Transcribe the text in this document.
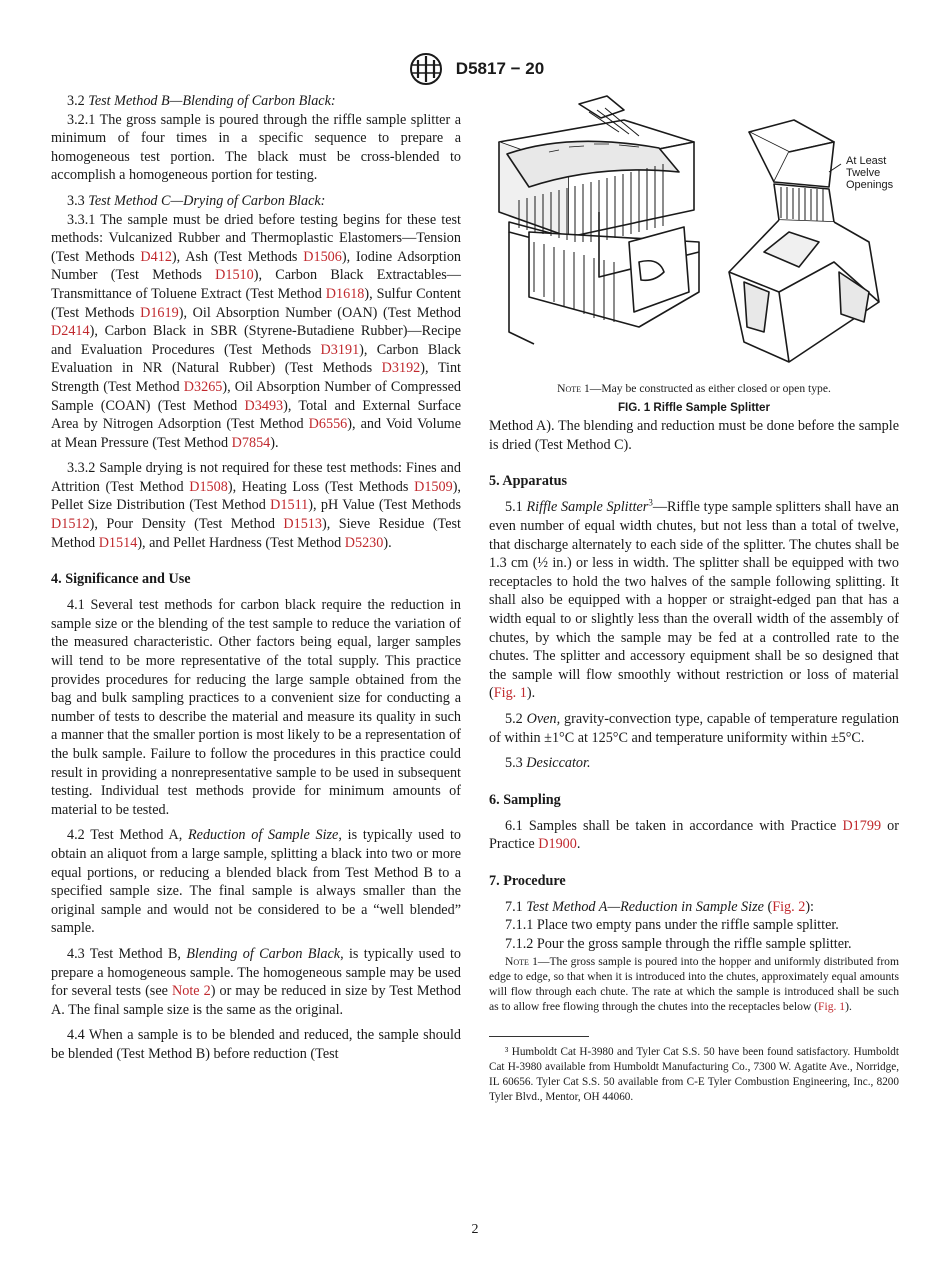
D5817 − 20

3.2 Test Method B—Blending of Carbon Black:

3.2.1 The gross sample is poured through the riffle sample splitter a minimum of four times in a specific sequence to prepare a homogeneous test portion. The black must be cross-blended to accomplish a homogeneous portion for testing.

3.3 Test Method C—Drying of Carbon Black:

3.3.1 The sample must be dried before testing begins for these test methods: Vulcanized Rubber and Thermoplastic Elastomers—Tension (Test Methods D412), Ash (Test Methods D1506), Iodine Adsorption Number (Test Methods D1510), Carbon Black Extractables—Transmittance of Toluene Extract (Test Method D1618), Sulfur Content (Test Methods D1619), Oil Absorption Number (OAN) (Test Method D2414), Carbon Black in SBR (Styrene-Butadiene Rubber)—Recipe and Evaluation Procedures (Test Methods D3191), Carbon Black Evaluation in NR (Natural Rubber) (Test Methods D3192), Tint Strength (Test Method D3265), Oil Absorption Number of Compressed Sample (COAN) (Test Method D3493), Total and External Surface Area by Nitrogen Adsorption (Test Method D6556), and Void Volume at Mean Pressure (Test Method D7854).

3.3.2 Sample drying is not required for these test methods: Fines and Attrition (Test Method D1508), Heating Loss (Test Methods D1509), Pellet Size Distribution (Test Method D1511), pH Value (Test Methods D1512), Pour Density (Test Method D1513), Sieve Residue (Test Method D1514), and Pellet Hardness (Test Method D5230).

4. Significance and Use

4.1 Several test methods for carbon black require the reduction in sample size or the blending of the test sample to reduce the variation of the measured characteristic. Other factors being equal, larger samples will tend to be more representative of the total supply. This practice provides procedures for reducing the large sample obtained from the bag and bulk sampling practices to a convenient size for conducting a number of tests to describe the material and measure its quality in such a manner that the smaller portion is most likely to be a representation of the bulk sample. Failure to follow the procedures in this practice could result in providing a nonrepresentative sample to be used in subsequent testing. Individual test methods provide for minimum amounts of material to be tested.

4.2 Test Method A, Reduction of Sample Size, is typically used to obtain an aliquot from a large sample, splitting a black into two or more equal portions, or reducing a blended black from Test Method B to a specified sample size. The final sample is always smaller than the original sample and would not be considered to be a “well blended” sample.

4.3 Test Method B, Blending of Carbon Black, is typically used to prepare a homogeneous sample. The homogeneous sample may be used for several tests (see Note 2) or may be reduced in size by Test Method A. The final sample size is the same as the original.

4.4 When a sample is to be blended and reduced, the sample should be blended (Test Method B) before reduction (Test

At Least
Twelve
Openings

Note 1—May be constructed as either closed or open type.

FIG. 1 Riffle Sample Splitter

Method A). The blending and reduction must be done before the sample is dried (Test Method C).

5. Apparatus

5.1 Riffle Sample Splitter$^3$—Riffle type sample splitters shall have an even number of equal width chutes, but not less than a total of twelve, that discharge alternately to each side of the splitter. The chutes shall be 1.3 cm (½ in.) or less in width. The splitter shall be equipped with two receptacles to hold the two halves of the sample following splitting. It shall also be equipped with a hopper or straight-edged pan that has a width equal to or slightly less than the overall width of the assembly of chutes, by which the sample may be fed at a controlled rate to the chutes. The splitter and accessory equipment shall be so designed that the sample will flow smoothly without restriction or loss of material (Fig. 1).

5.2 Oven, gravity-convection type, capable of temperature regulation of within ±1°C at 125°C and temperature uniformity within ±5°C.

5.3 Desiccator.

6. Sampling

6.1 Samples shall be taken in accordance with Practice D1799 or Practice D1900.

7. Procedure

7.1 Test Method A—Reduction in Sample Size (Fig. 2):

7.1.1 Place two empty pans under the riffle sample splitter.

7.1.2 Pour the gross sample through the riffle sample splitter.

Note 1—The gross sample is poured into the hopper and uniformly distributed from edge to edge, so that when it is introduced into the chutes, approximately equal amounts will flow through each chute. The rate at which the sample is introduced shall be such as to allow free flowing through the chutes into the receptacles below (Fig. 1).

³ Humboldt Cat H-3980 and Tyler Cat S.S. 50 have been found satisfactory. Humboldt Cat H-3980 available from Humboldt Manufacturing Co., 7300 W. Agatite Ave., Norridge, IL 60656. Tyler Cat S.S. 50 available from C-E Tyler Combustion Engineering, Inc., 8200 Tyler Blvd., Mentor, OH 44060.

2
